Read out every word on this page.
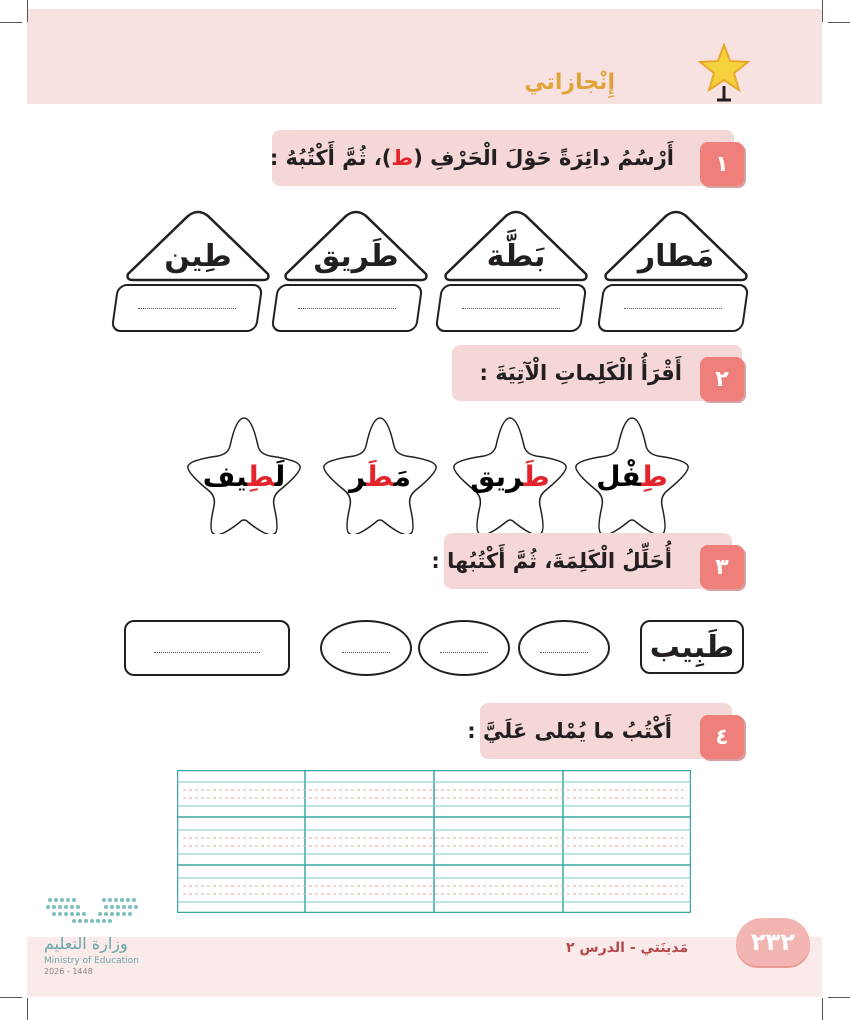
إِنْجازاتي
أَرْسُمُ دائِرَةً حَوْلَ الْحَرْفِ (ط)، ثُمَّ أَكْتُبُهُ :	١
طِين	طَريق	بَطَّة	مَطار
أَقْرَأُ الْكَلِماتِ الْآتِيَةَ :	٢
لَطِيف	مَطَر	طَريق	طِفْل
أُحَلِّلُ الْكَلِمَةَ، ثُمَّ أَكْتُبُها :	٣
طَبِيب
أَكْتُبُ ما يُمْلى عَلَيَّ :	٤
وزارة التعليم
Ministry of Education
2026 - 1448
مَدينَتي - الدرس ٢	٢٣٢
